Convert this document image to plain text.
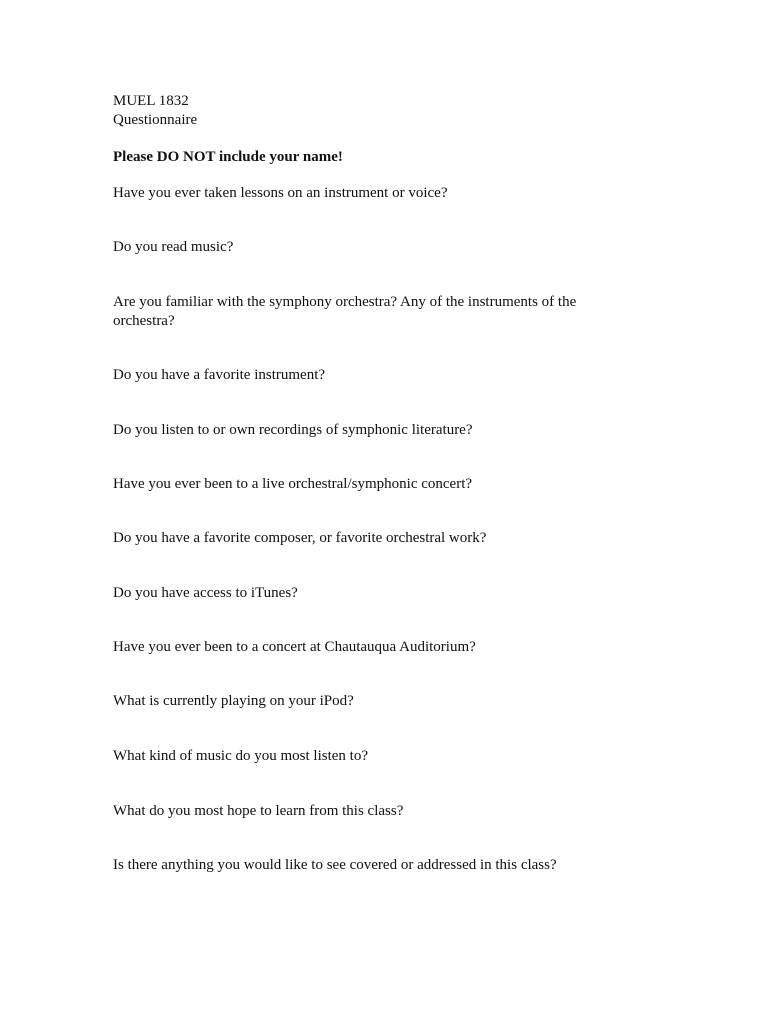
MUEL 1832

Questionnaire

Please DO NOT include your name!

Have you ever taken lessons on an instrument or voice?

Do you read music?

Are you familiar with the symphony orchestra? Any of the instruments of the orchestra?

Do you have a favorite instrument?

Do you listen to or own recordings of symphonic literature?

Have you ever been to a live orchestral/symphonic concert?

Do you have a favorite composer, or favorite orchestral work?

Do you have access to iTunes?

Have you ever been to a concert at Chautauqua Auditorium?

What is currently playing on your iPod?

What kind of music do you most listen to?

What do you most hope to learn from this class?

Is there anything you would like to see covered or addressed in this class?
